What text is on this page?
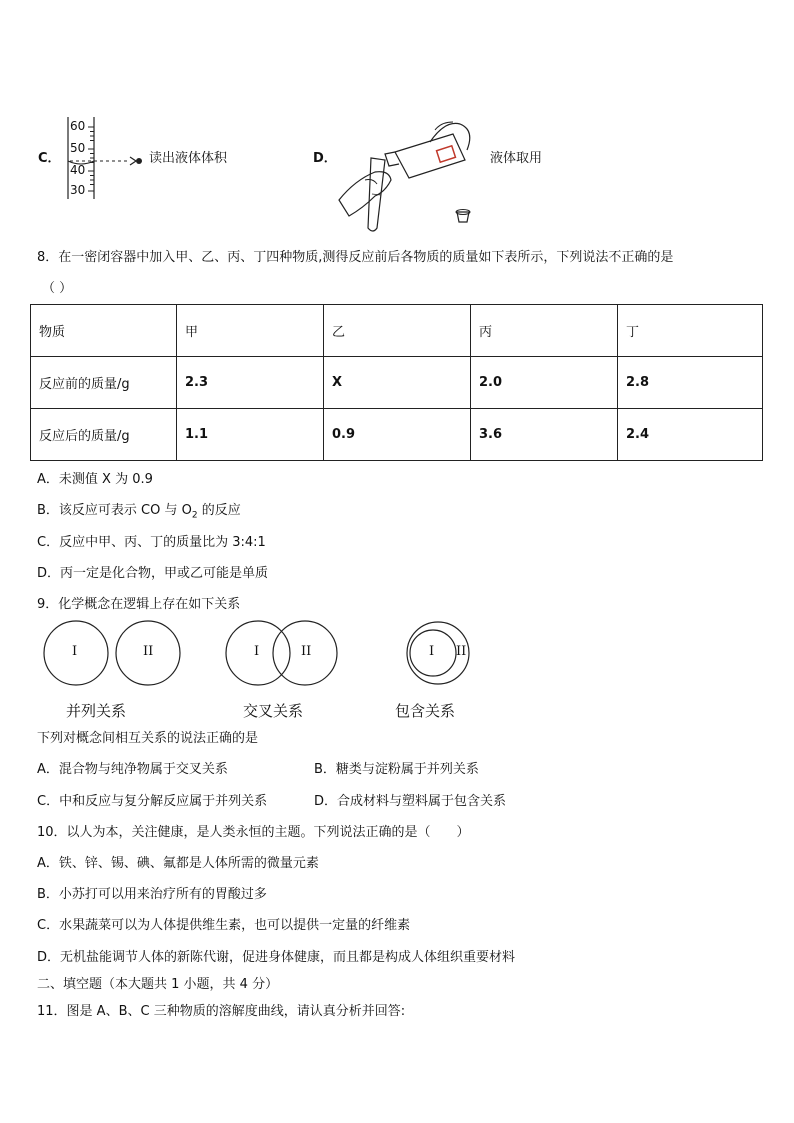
C．
60
50
40
30
读出液体体积	D．	液体取用
8．在一密闭容器中加入甲、乙、丙、丁四种物质,测得反应前后各物质的质量如下表所示，下列说法不正确的是
（ ）
物质	甲	乙	丙	丁
反应前的质量/g	2.3	X	2.0	2.8
反应后的质量/g	1.1	0.9	3.6	2.4
A．未测值 X 为 0.9
B．该反应可表示 CO 与 $O_2$ 的反应
C．反应中甲、丙、丁的质量比为 3:4:1
D．丙一定是化合物，甲或乙可能是单质
9．化学概念在逻辑上存在如下关系
I	II	I	II	I II
并列关系	交叉关系	包含关系
下列对概念间相互关系的说法正确的是
A．混合物与纯净物属于交叉关系	B．糖类与淀粉属于并列关系
C．中和反应与复分解反应属于并列关系	D．合成材料与塑料属于包含关系
10．以人为本，关注健康，是人类永恒的主题。下列说法正确的是（　　）
A．铁、锌、锡、碘、氟都是人体所需的微量元素
B．小苏打可以用来治疗所有的胃酸过多
C．水果蔬菜可以为人体提供维生素，也可以提供一定量的纤维素
D．无机盐能调节人体的新陈代谢，促进身体健康，而且都是构成人体组织重要材料
二、填空题（本大题共 1 小题，共 4 分）
11．图是 A、B、C 三种物质的溶解度曲线，请认真分析并回答:
